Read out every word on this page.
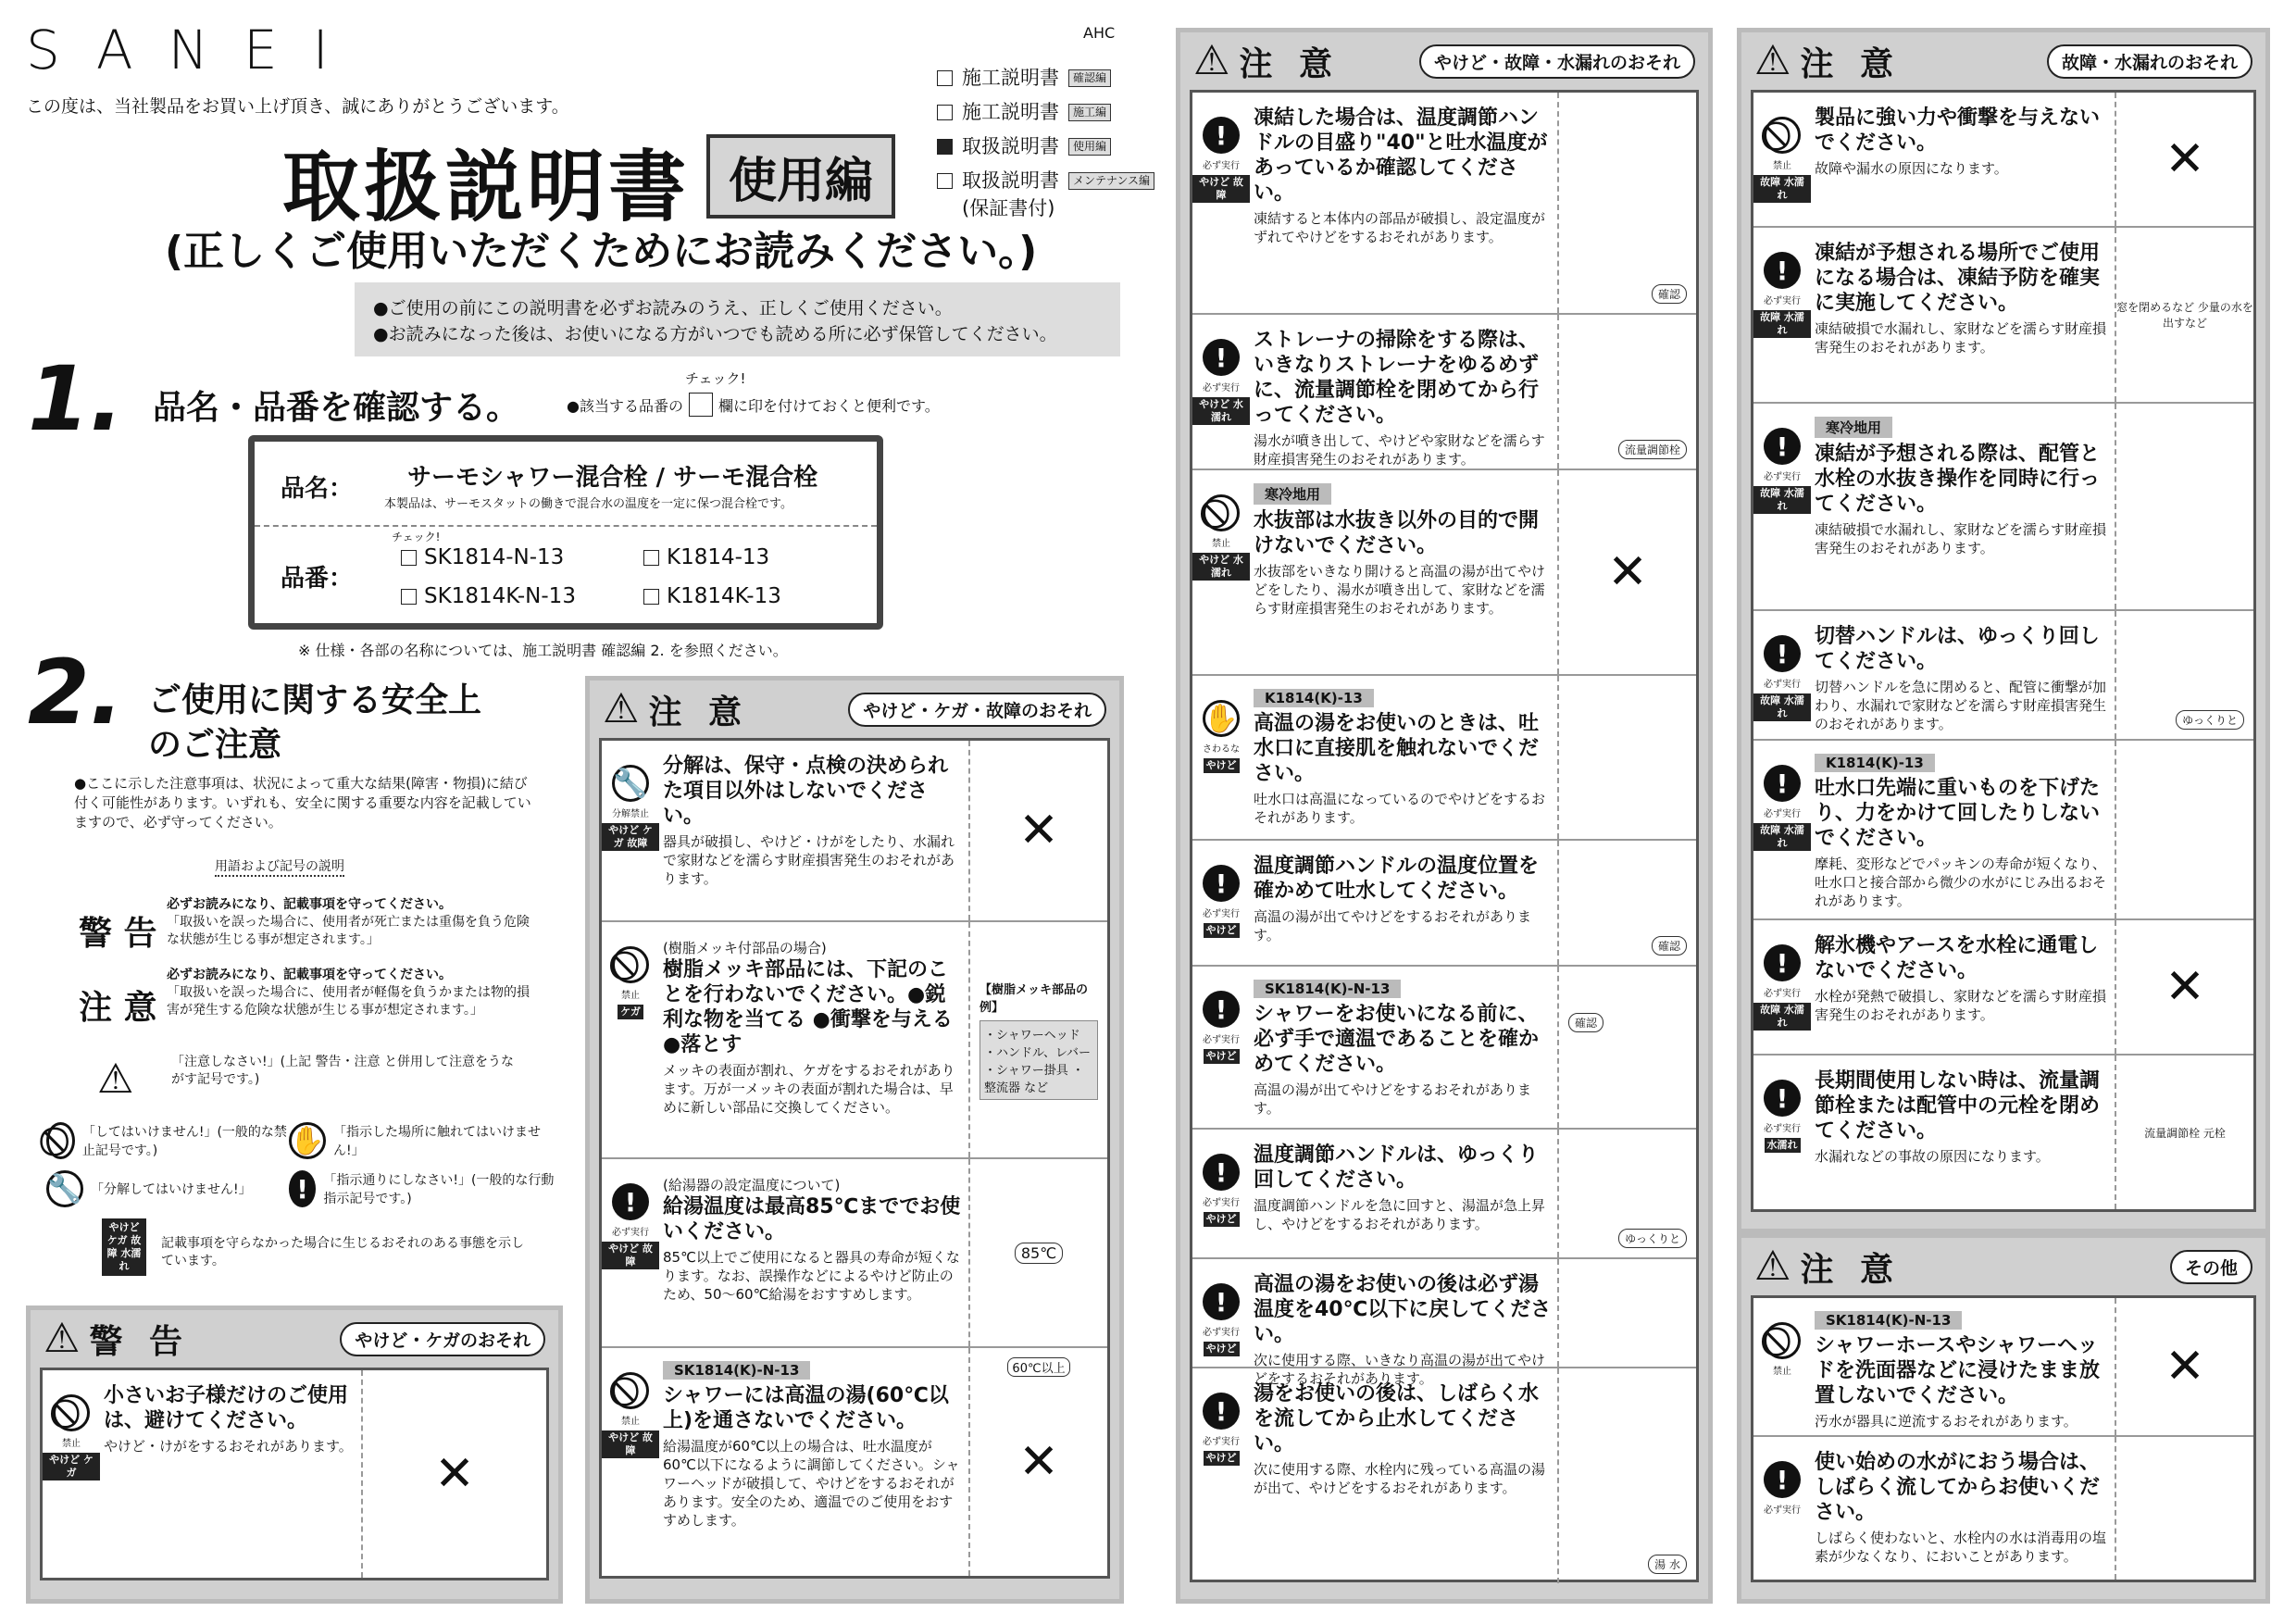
SANEI
この度は、当社製品をお買い上げ頂き、誠にありがとうございます。
AHC
施工説明書	確認編
施工説明書	施工編
取扱説明書	使用編
取扱説明書	メンテナンス編
(保証書付)
取扱説明書 使用編
(正しくご使用いただくためにお読みください。)
●ご使用の前にこの説明書を必ずお読みのうえ、正しくご使用ください。
●お読みになった後は、お使いになる方がいつでも読める所に必ず保管してください。
1. 品名・品番を確認する。
チェック!
●該当する品番の 欄に印を付けておくと便利です。
品名： サーモシャワー混合栓 / サーモ混合栓
本製品は、サーモスタットの働きで混合水の温度を一定に保つ混合栓です。
品番：
チェック!
SK1814-N-13	K1814-13
SK1814K-N-13	K1814K-13
※ 仕様・各部の名称については、施工説明書 確認編 2. を参照ください。
2. ご使用に関する安全上
のご注意
●ここに示した注意事項は、状況によって重大な結果(障害・物損)に結び付く可能性があります。いずれも、安全に関する重要な内容を記載していますので、必ず守ってください。
用語および記号の説明
警 告
必ずお読みになり、記載事項を守ってください。
「取扱いを誤った場合に、使用者が死亡または重傷を負う危険な状態が生じる事が想定されます。」
注 意
必ずお読みになり、記載事項を守ってください。
「取扱いを誤った場合に、使用者が軽傷を負うかまたは物的損害が発生する危険な状態が生じる事が想定されます。」
⚠	「注意しなさい!」(上記 警告・注意 と併用して注意をうながす記号です。)
「してはいけません!」(一般的な禁止記号です。)	✋ 「指示した場所に触れてはいけません!」
🔧 「分解してはいけません!」 !	「指示通りにしなさい!」(一般的な行動指示記号です。)
やけど ケガ 故障 水濡れ
記載事項を守らなかった場合に生じるおそれのある事態を示しています。
⚠ 警 告	やけど・ケガのおそれ
禁止
やけど ケガ
小さいお子様だけのご使用は、避けてください。
やけど・けがをするおそれがあります。 ✕
⚠ 注 意	やけど・ケガ・故障のおそれ
🔧
分解禁止
やけど ケガ 故障
分解は、保守・点検の決められた項目以外はしないでください。
器具が破損し、やけど・けがをしたり、水漏れで家財などを濡らす財産損害発生のおそれがあります。
✕
禁止
ケガ
(樹脂メッキ付部品の場合)
樹脂メッキ部品には、下記のことを行わないでください。●鋭利な物を当てる ●衝撃を与える ●落とす
メッキの表面が割れ、ケガをするおそれがあります。万が一メッキの表面が割れた場合は、早めに新しい部品に交換してください。
【樹脂メッキ部品の例】
・シャワーヘッド ・ハンドル、レバー ・シャワー掛具 ・整流器 など
!
必ず実行
やけど 故障
(給湯器の設定温度について)
給湯温度は最高85℃まででお使いください。
85℃以上でご使用になると器具の寿命が短くなります。なお、誤操作などによるやけど防止のため、50～60℃給湯をおすすめします。
85℃
禁止
やけど 故障
SK1814(K)-N-13
シャワーには高温の湯(60℃以上)を通さないでください。
給湯温度が60℃以上の場合は、吐水温度が60℃以下になるように調節してください。シャワーヘッドが破損して、やけどをするおそれがあります。安全のため、適温でのご使用をおすすめします。
60℃以上
✕
⚠ 注 意	やけど・故障・水漏れのおそれ
!
必ず実行
やけど 故障
凍結した場合は、温度調節ハンドルの目盛り"40"と吐水温度があっているか確認してください。
凍結すると本体内の部品が破損し、設定温度がずれてやけどをするおそれがあります。
確認
!
必ず実行
やけど 水濡れ
ストレーナの掃除をする際は、いきなりストレーナをゆるめずに、流量調節栓を閉めてから行ってください。
湯水が噴き出して、やけどや家財などを濡らす財産損害発生のおそれがあります。
流量調節栓
禁止
やけど 水濡れ
寒冷地用
水抜部は水抜き以外の目的で開けないでください。
水抜部をいきなり開けると高温の湯が出てやけどをしたり、湯水が噴き出して、家財などを濡らす財産損害発生のおそれがあります。
✕
✋
さわるな
やけど
K1814(K)-13
高温の湯をお使いのときは、吐水口に直接肌を触れないでください。
吐水口は高温になっているのでやけどをするおそれがあります。
!
必ず実行
やけど
温度調節ハンドルの温度位置を確かめて吐水してください。
高温の湯が出てやけどをするおそれがあります。
確認
!
必ず実行
やけど
SK1814(K)-N-13
シャワーをお使いになる前に、必ず手で適温であることを確かめてください。
高温の湯が出てやけどをするおそれがあります。
確認
!
必ず実行
やけど
温度調節ハンドルは、ゆっくり回してください。
温度調節ハンドルを急に回すと、湯温が急上昇し、やけどをするおそれがあります。
ゆっくりと
!
必ず実行
やけど
高温の湯をお使いの後は必ず湯温度を40℃以下に戻してください。
次に使用する際、いきなり高温の湯が出てやけどをするおそれがあります。
!
必ず実行
やけど
湯をお使いの後は、しばらく水を流してから止水してください。
次に使用する際、水栓内に残っている高温の湯が出て、やけどをするおそれがあります。
湯 水
⚠ 注 意	故障・水漏れのおそれ
禁止
故障 水濡れ
製品に強い力や衝撃を与えないでください。
故障や漏水の原因になります。	✕
!
必ず実行
故障 水濡れ
凍結が予想される場所でご使用になる場合は、凍結予防を確実に実施してください。
凍結破損で水漏れし、家財などを濡らす財産損害発生のおそれがあります。
窓を閉めるなど 少量の水を出すなど
!
必ず実行
故障 水濡れ
寒冷地用
凍結が予想される際は、配管と水栓の水抜き操作を同時に行ってください。
凍結破損で水漏れし、家財などを濡らす財産損害発生のおそれがあります。
!
必ず実行
故障 水濡れ
切替ハンドルは、ゆっくり回してください。
切替ハンドルを急に閉めると、配管に衝撃が加わり、水漏れで家財などを濡らす財産損害発生のおそれがあります。	ゆっくりと
!
必ず実行
故障 水濡れ
K1814(K)-13
吐水口先端に重いものを下げたり、力をかけて回したりしないでください。
摩耗、変形などでパッキンの寿命が短くなり、吐水口と接合部から微少の水がにじみ出るおそれがあります。
!
必ず実行
故障 水濡れ
解氷機やアースを水栓に通電しないでください。
水栓が発熱で破損し、家財などを濡らす財産損害発生のおそれがあります。	✕
!
必ず実行
水濡れ
長期間使用しない時は、流量調節栓または配管中の元栓を閉めてください。
水漏れなどの事故の原因になります。
流量調節栓 元栓
⚠ 注 意	その他
禁止
SK1814(K)-N-13
シャワーホースやシャワーヘッドを洗面器などに浸けたまま放置しないでください。
汚水が器具に逆流するおそれがあります。
✕
!
必ず実行
使い始めの水がにおう場合は、しばらく流してからお使いください。
しばらく使わないと、水栓内の水は消毒用の塩素が少なくなり、においことがあります。
